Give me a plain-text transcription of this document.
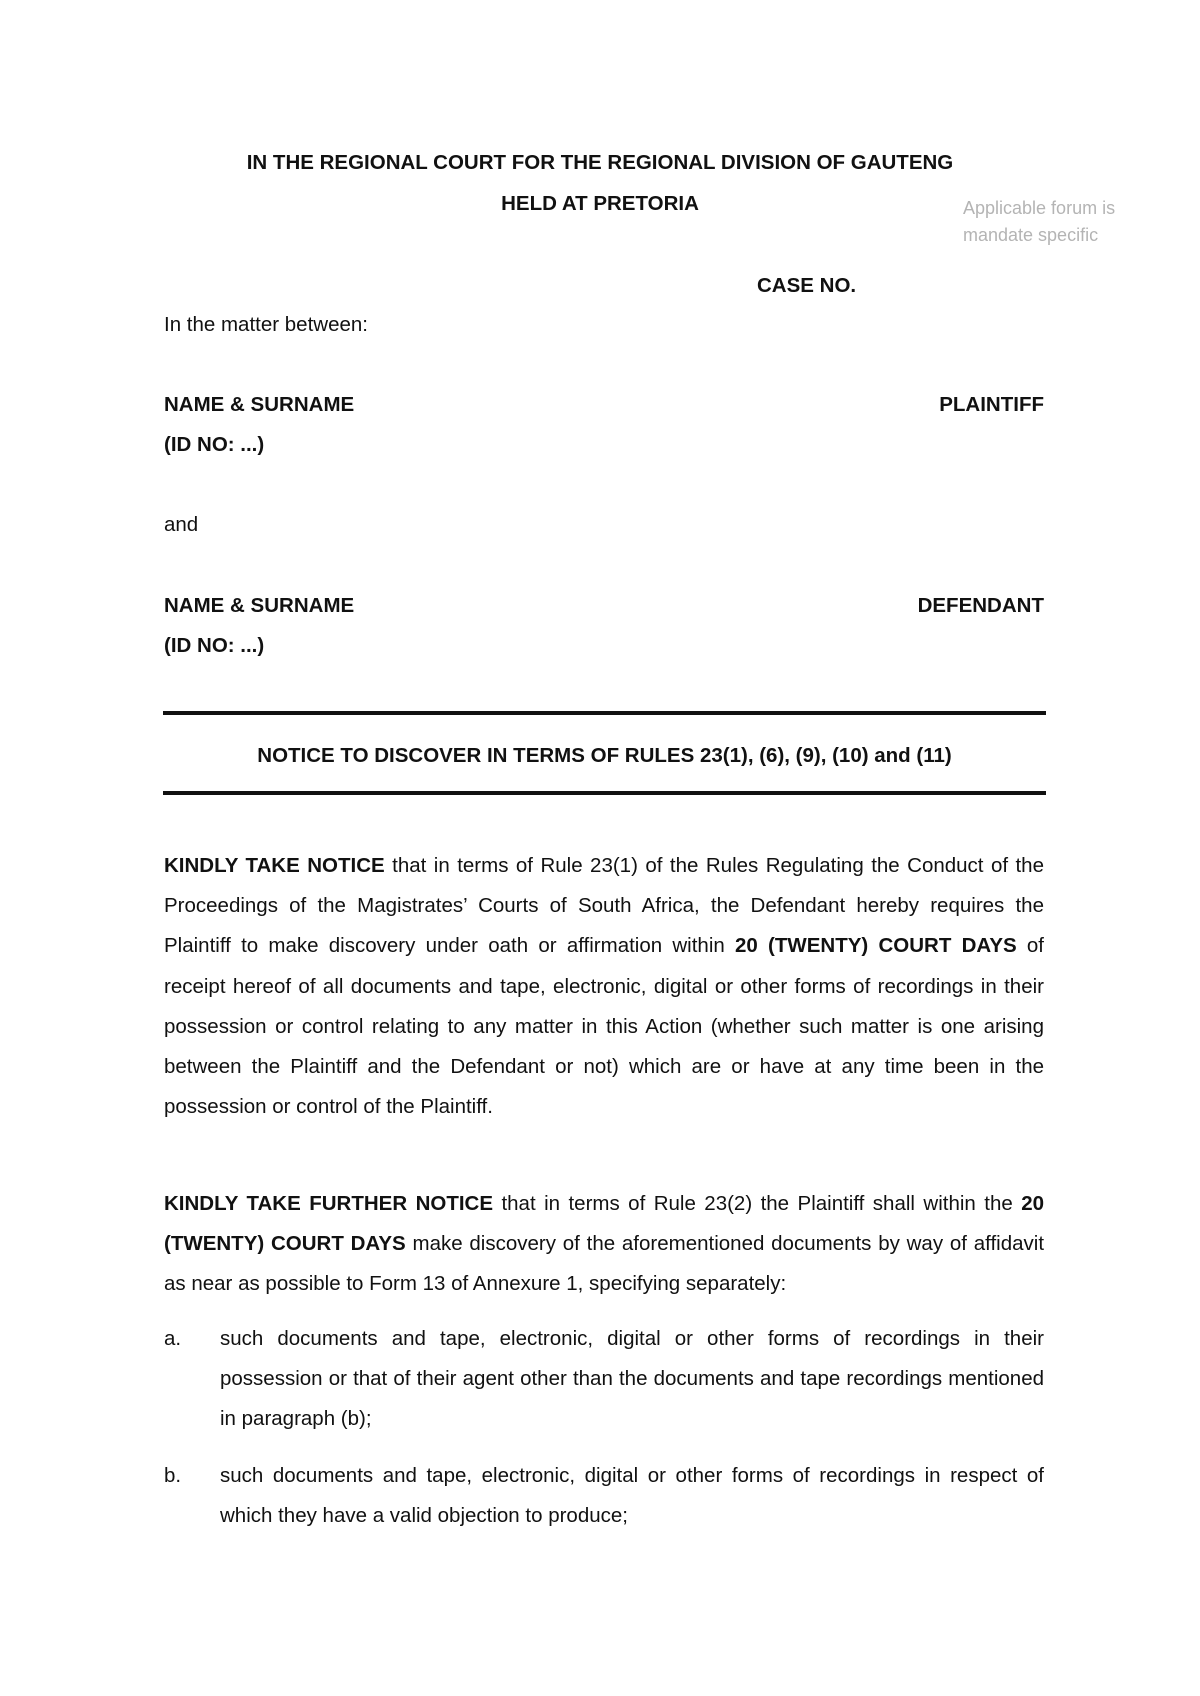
IN THE REGIONAL COURT FOR THE REGIONAL DIVISION OF GAUTENG
HELD AT PRETORIA	Applicable forum is mandate specific
CASE NO.
In the matter between:
NAME & SURNAME	PLAINTIFF
(ID NO: ...)
and
NAME & SURNAME	DEFENDANT
(ID NO: ...)
NOTICE TO DISCOVER IN TERMS OF RULES 23(1), (6), (9), (10) and (11)
KINDLY TAKE NOTICE that in terms of Rule 23(1) of the Rules Regulating the Conduct of the Proceedings of the Magistrates’ Courts of South Africa, the Defendant hereby requires the Plaintiff to make discovery under oath or affirmation within 20 (TWENTY) COURT DAYS of receipt hereof of all documents and tape, electronic, digital or other forms of recordings in their possession or control relating to any matter in this Action (whether such matter is one arising between the Plaintiff and the Defendant or not) which are or have at any time been in the possession or control of the Plaintiff.
KINDLY TAKE FURTHER NOTICE that in terms of Rule 23(2) the Plaintiff shall within the 20 (TWENTY) COURT DAYS make discovery of the aforementioned documents by way of affidavit as near as possible to Form 13 of Annexure 1, specifying separately:
a. such documents and tape, electronic, digital or other forms of recordings in their possession or that of their agent other than the documents and tape recordings mentioned in paragraph (b);
b. such documents and tape, electronic, digital or other forms of recordings in respect of which they have a valid objection to produce;
